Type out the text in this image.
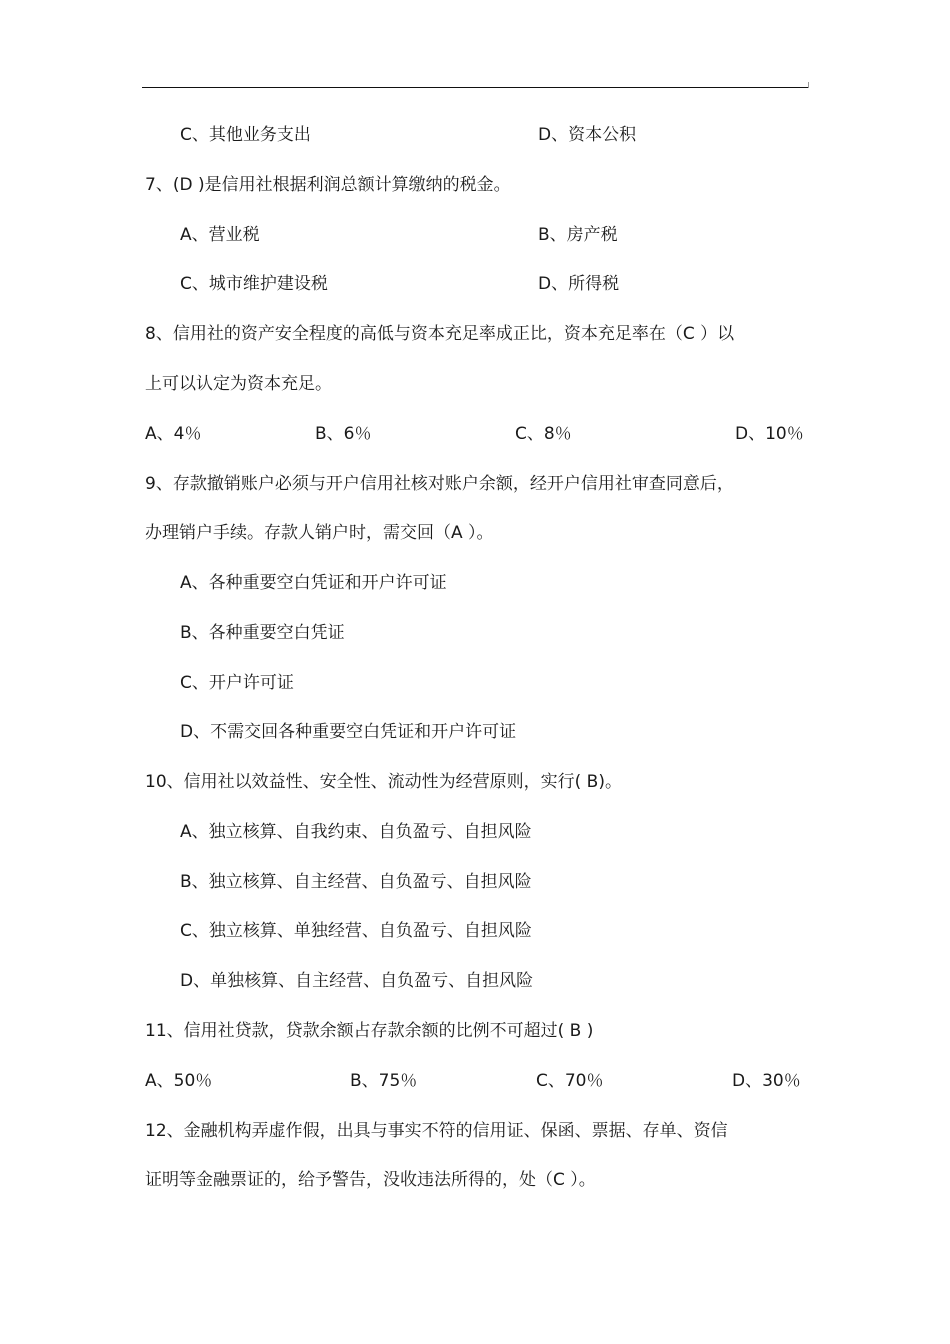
C、其他业务支出	D、资本公积
7、(D )是信用社根据利润总额计算缴纳的税金。
A、营业税	B、房产税
C、城市维护建设税	D、所得税
8、信用社的资产安全程度的高低与资本充足率成正比，资本充足率在（C ）以
上可以认定为资本充足。
A、4％	B、6％	C、8％	D、10％
9、存款撤销账户必须与开户信用社核对账户余额，经开户信用社审查同意后，
办理销户手续。存款人销户时，需交回（A ）。
A、各种重要空白凭证和开户许可证
B、各种重要空白凭证
C、开户许可证
D、不需交回各种重要空白凭证和开户许可证
10、信用社以效益性、安全性、流动性为经营原则，实行( B)。
A、独立核算、自我约束、自负盈亏、自担风险
B、独立核算、自主经营、自负盈亏、自担风险
C、独立核算、单独经营、自负盈亏、自担风险
D、单独核算、自主经营、自负盈亏、自担风险
11、信用社贷款，贷款余额占存款余额的比例不可超过( B )
A、50％	B、75％	C、70％	D、30％
12、金融机构弄虚作假，出具与事实不符的信用证、保函、票据、存单、资信
证明等金融票证的，给予警告，没收违法所得的，处（C ）。
